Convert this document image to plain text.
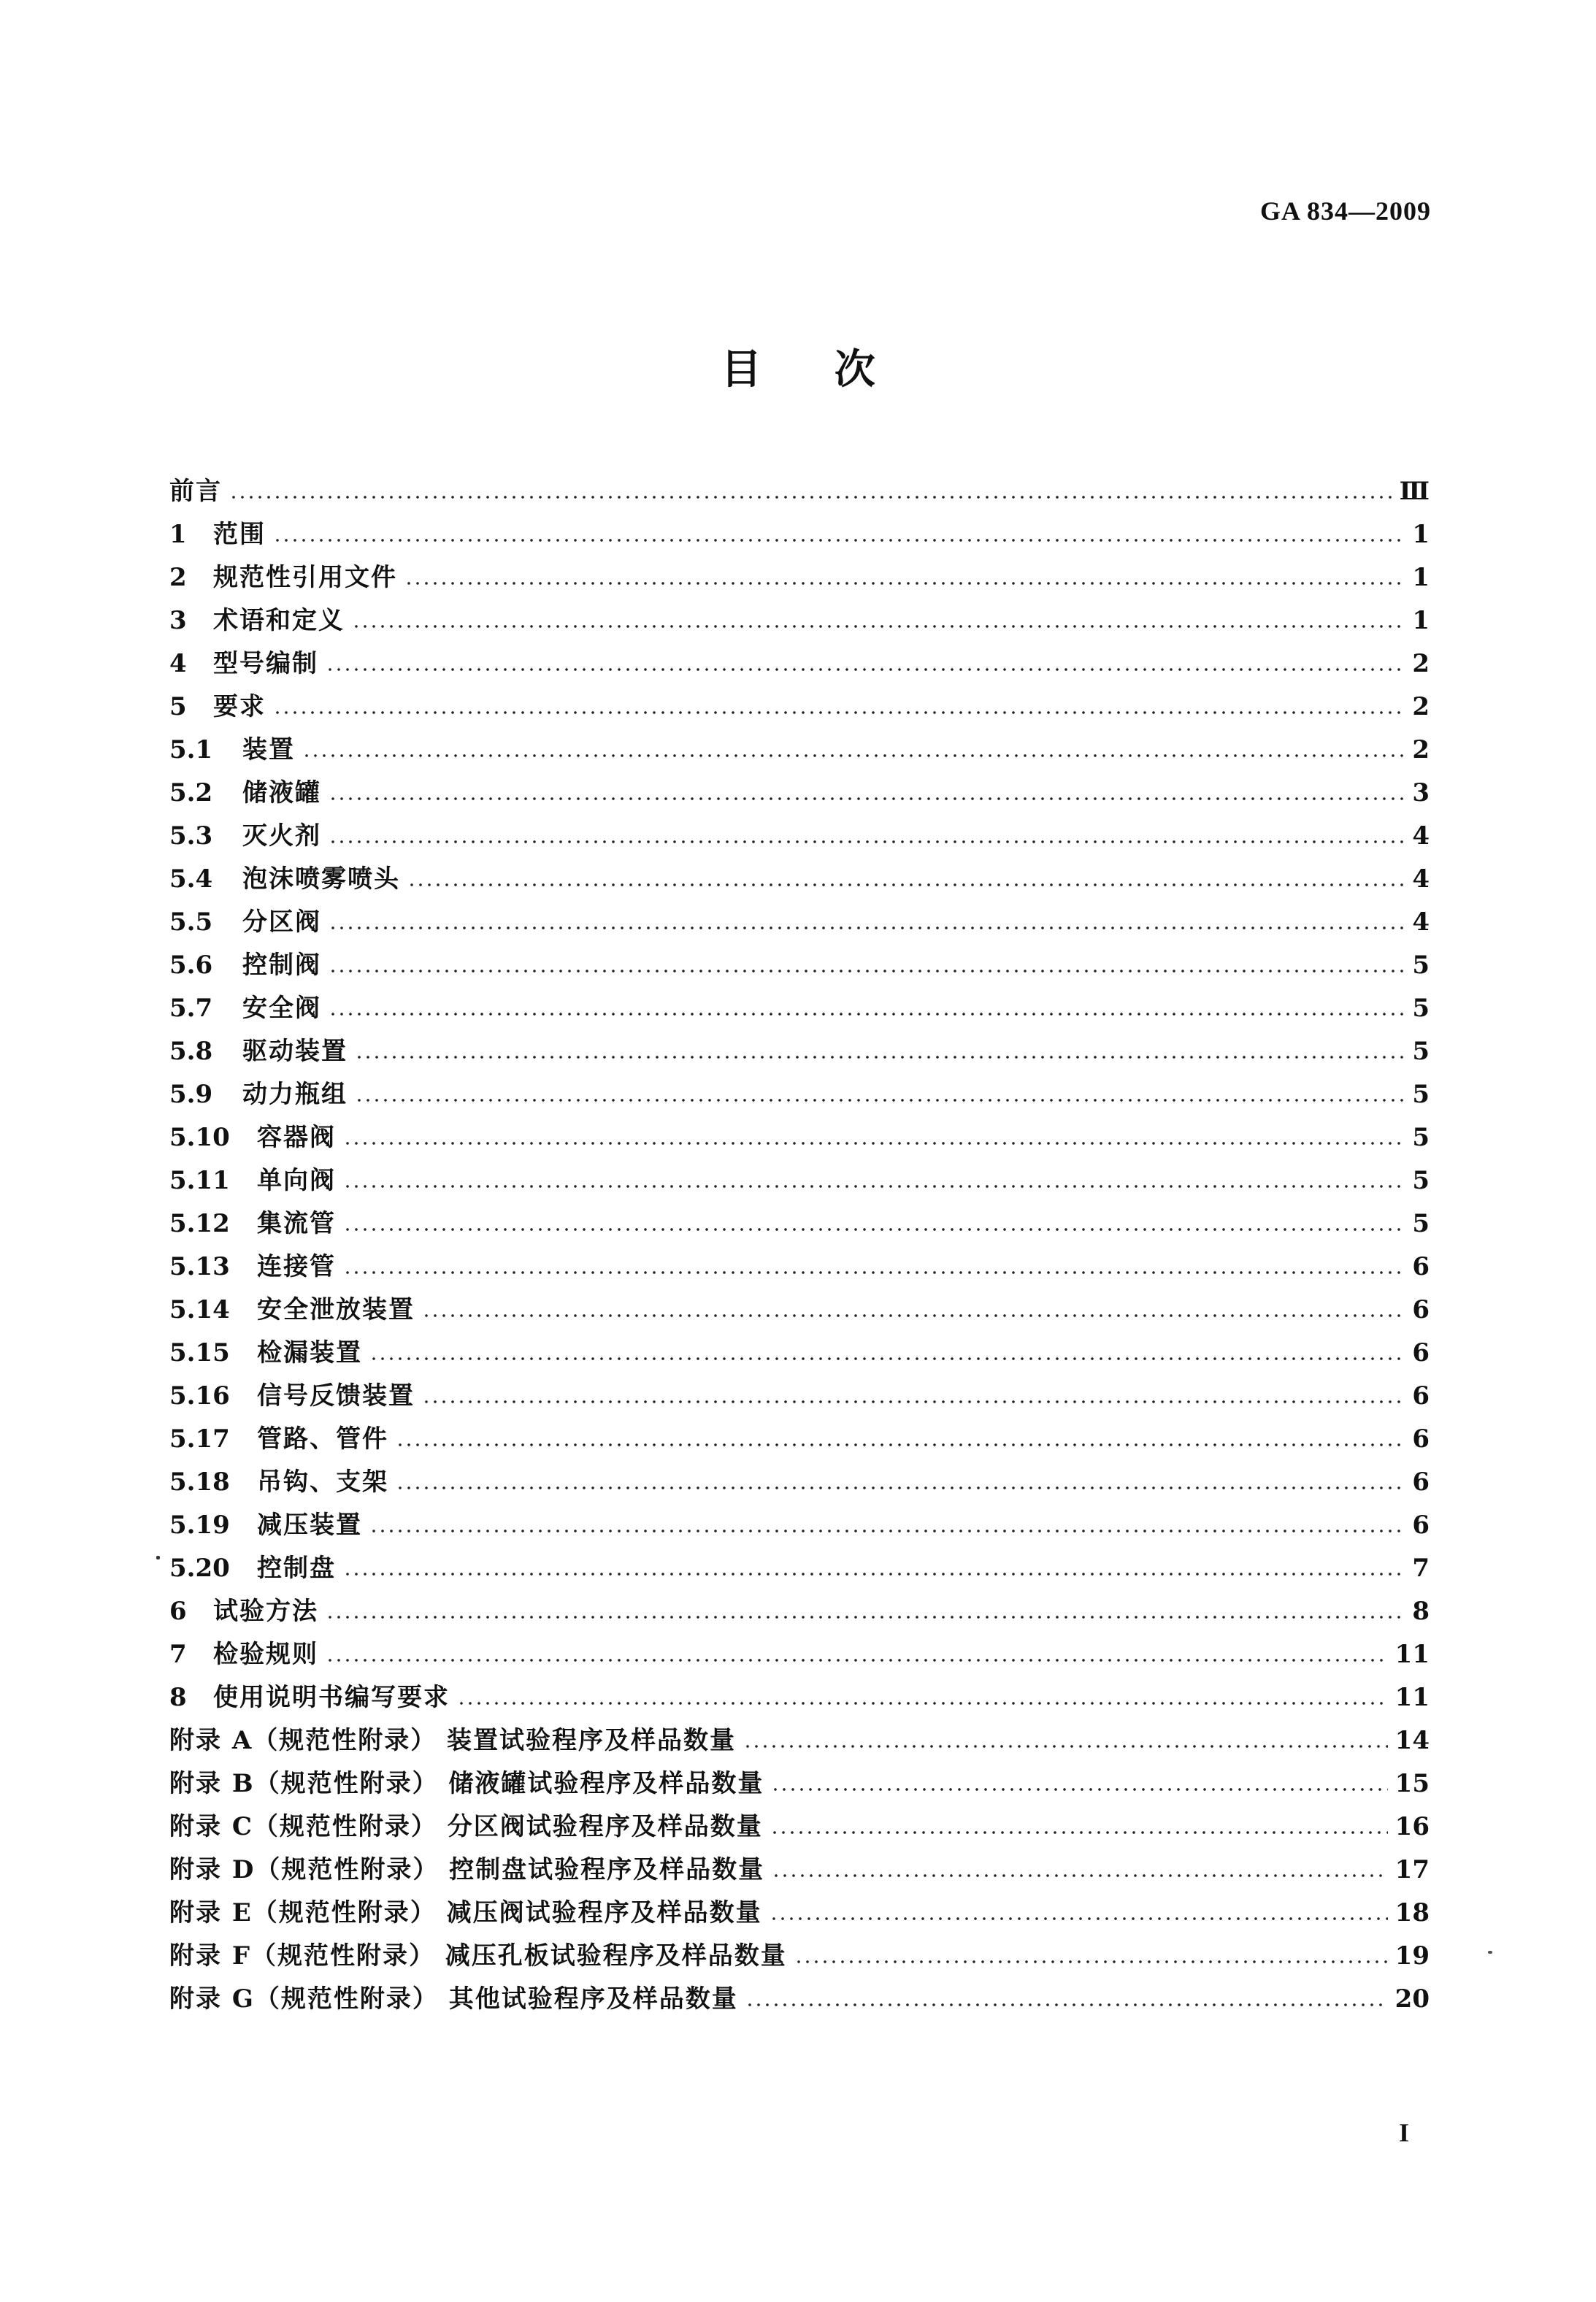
GA 834—2009
目 次
前言	Ⅲ
1	范围	1
2	规范性引用文件	1
3	术语和定义	1
4	型号编制	2
5	要求	2
5.1	装置	2
5.2	储液罐	3
5.3	灭火剂	4
5.4	泡沫喷雾喷头	4
5.5	分区阀	4
5.6	控制阀	5
5.7	安全阀	5
5.8	驱动装置	5
5.9	动力瓶组	5
5.10	容器阀	5
5.11	单向阀	5
5.12	集流管	5
5.13	连接管	6
5.14	安全泄放装置	6
5.15	检漏装置	6
5.16	信号反馈装置	6
5.17	管路、管件	6
5.18	吊钩、支架	6
5.19	减压装置	6
5.20	控制盘	7
6	试验方法	8
7	检验规则	11
8	使用说明书编写要求	11
附录 A（规范性附录） 装置试验程序及样品数量	14
附录 B（规范性附录） 储液罐试验程序及样品数量	15
附录 C（规范性附录） 分区阀试验程序及样品数量	16
附录 D（规范性附录） 控制盘试验程序及样品数量	17
附录 E（规范性附录） 减压阀试验程序及样品数量	18
附录 F（规范性附录） 减压孔板试验程序及样品数量	19
附录 G（规范性附录） 其他试验程序及样品数量	20
I
